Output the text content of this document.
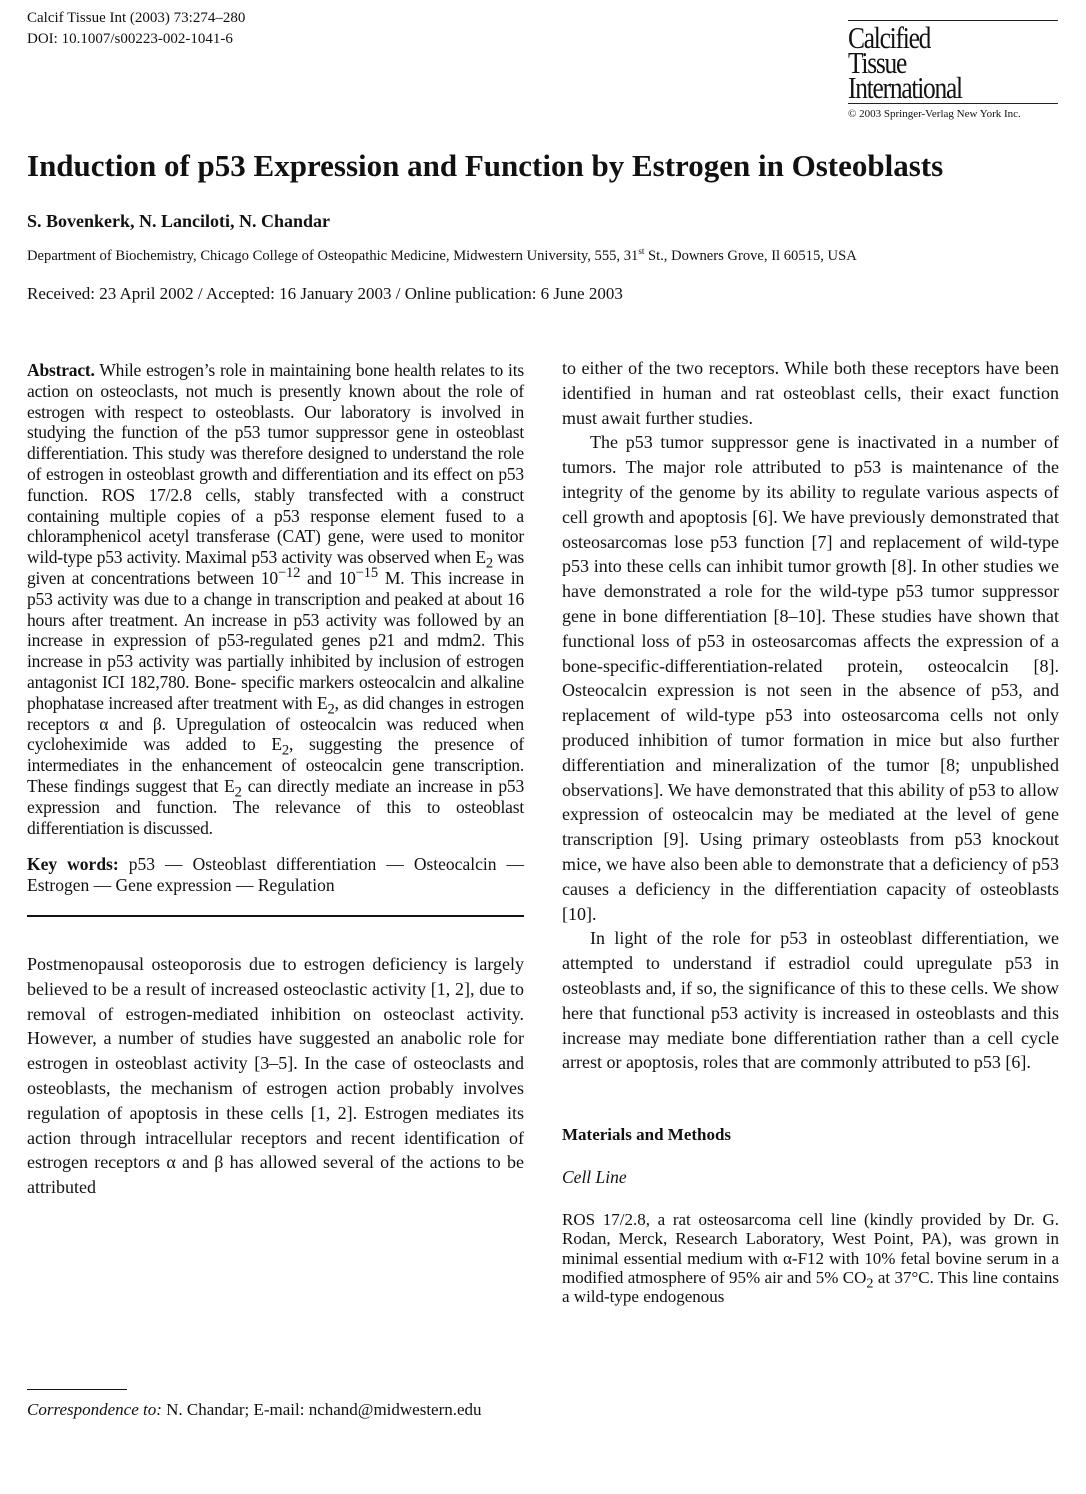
Calcif Tissue Int (2003) 73:274–280
DOI: 10.1007/s00223-002-1041-6	Calcified
Tissue
International
© 2003 Springer-Verlag New York Inc.
Induction of p53 Expression and Function by Estrogen in Osteoblasts
S. Bovenkerk, N. Lanciloti, N. Chandar
Department of Biochemistry, Chicago College of Osteopathic Medicine, Midwestern University, 555, 31st St., Downers Grove, Il 60515, USA
Received: 23 April 2002 / Accepted: 16 January 2003 / Online publication: 6 June 2003

Abstract. While estrogen’s role in maintaining bone health relates to its action on osteoclasts, not much is presently known about the role of estrogen with respect to osteoblasts. Our laboratory is involved in studying the function of the p53 tumor suppressor gene in osteoblast differentiation. This study was therefore designed to understand the role of estrogen in osteoblast growth and differentiation and its effect on p53 function. ROS 17/2.8 cells, stably transfected with a construct containing multiple copies of a p53 response element fused to a chloramphenicol acetyl transferase (CAT) gene, were used to monitor wild-type p53 activity. Maximal p53 activity was observed when $E_2$ was given at concentrations between $10^{-12}$ and $10^{-15}$ M. This increase in p53 activity was due to a change in transcription and peaked at about 16 hours after treatment. An increase in p53 activity was followed by an increase in expression of p53-regulated genes p21 and mdm2. This increase in p53 activity was partially inhibited by inclusion of estrogen antagonist ICI 182,780. Bone- specific markers osteocalcin and alkaline phophatase increased after treatment with $E_2$, as did changes in estrogen receptors α and β. Upregulation of osteocalcin was reduced when cycloheximide was added to $E_2$, suggesting the presence of intermediates in the enhancement of osteocalcin gene transcription. These findings suggest that $E_2$ can directly mediate an increase in p53 expression and function. The relevance of this to osteoblast differentiation is discussed.

Key words: p53 — Osteoblast differentiation — Osteocalcin — Estrogen — Gene expression — Regulation

Postmenopausal osteoporosis due to estrogen deficiency is largely believed to be a result of increased osteoclastic activity [1, 2], due to removal of estrogen-mediated inhibition on osteoclast activity. However, a number of studies have suggested an anabolic role for estrogen in osteoblast activity [3–5]. In the case of osteoclasts and osteoblasts, the mechanism of estrogen action probably involves regulation of apoptosis in these cells [1, 2]. Estrogen mediates its action through intracellular receptors and recent identification of estrogen receptors α and β has allowed several of the actions to be attributed

Correspondence to: N. Chandar; E-mail: nchand@midwestern.edu

to either of the two receptors. While both these receptors have been identified in human and rat osteoblast cells, their exact function must await further studies.

The p53 tumor suppressor gene is inactivated in a number of tumors. The major role attributed to p53 is maintenance of the integrity of the genome by its ability to regulate various aspects of cell growth and apoptosis [6]. We have previously demonstrated that osteosarcomas lose p53 function [7] and replacement of wild-type p53 into these cells can inhibit tumor growth [8]. In other studies we have demonstrated a role for the wild-type p53 tumor suppressor gene in bone differentiation [8–10]. These studies have shown that functional loss of p53 in osteosarcomas affects the expression of a bone-specific-differentiation-related protein, osteocalcin [8]. Osteocalcin expression is not seen in the absence of p53, and replacement of wild-type p53 into osteosarcoma cells not only produced inhibition of tumor formation in mice but also further differentiation and mineralization of the tumor [8; unpublished observations]. We have demonstrated that this ability of p53 to allow expression of osteocalcin may be mediated at the level of gene transcription [9]. Using primary osteoblasts from p53 knockout mice, we have also been able to demonstrate that a deficiency of p53 causes a deficiency in the differentiation capacity of osteoblasts [10].

In light of the role for p53 in osteoblast differentiation, we attempted to understand if estradiol could upregulate p53 in osteoblasts and, if so, the significance of this to these cells. We show here that functional p53 activity is increased in osteoblasts and this increase may mediate bone differentiation rather than a cell cycle arrest or apoptosis, roles that are commonly attributed to p53 [6].

Materials and Methods
Cell Line

ROS 17/2.8, a rat osteosarcoma cell line (kindly provided by Dr. G. Rodan, Merck, Research Laboratory, West Point, PA), was grown in minimal essential medium with α-F12 with 10% fetal bovine serum in a modified atmosphere of 95% air and 5% $CO_2$ at 37°C. This line contains a wild-type endogenous
